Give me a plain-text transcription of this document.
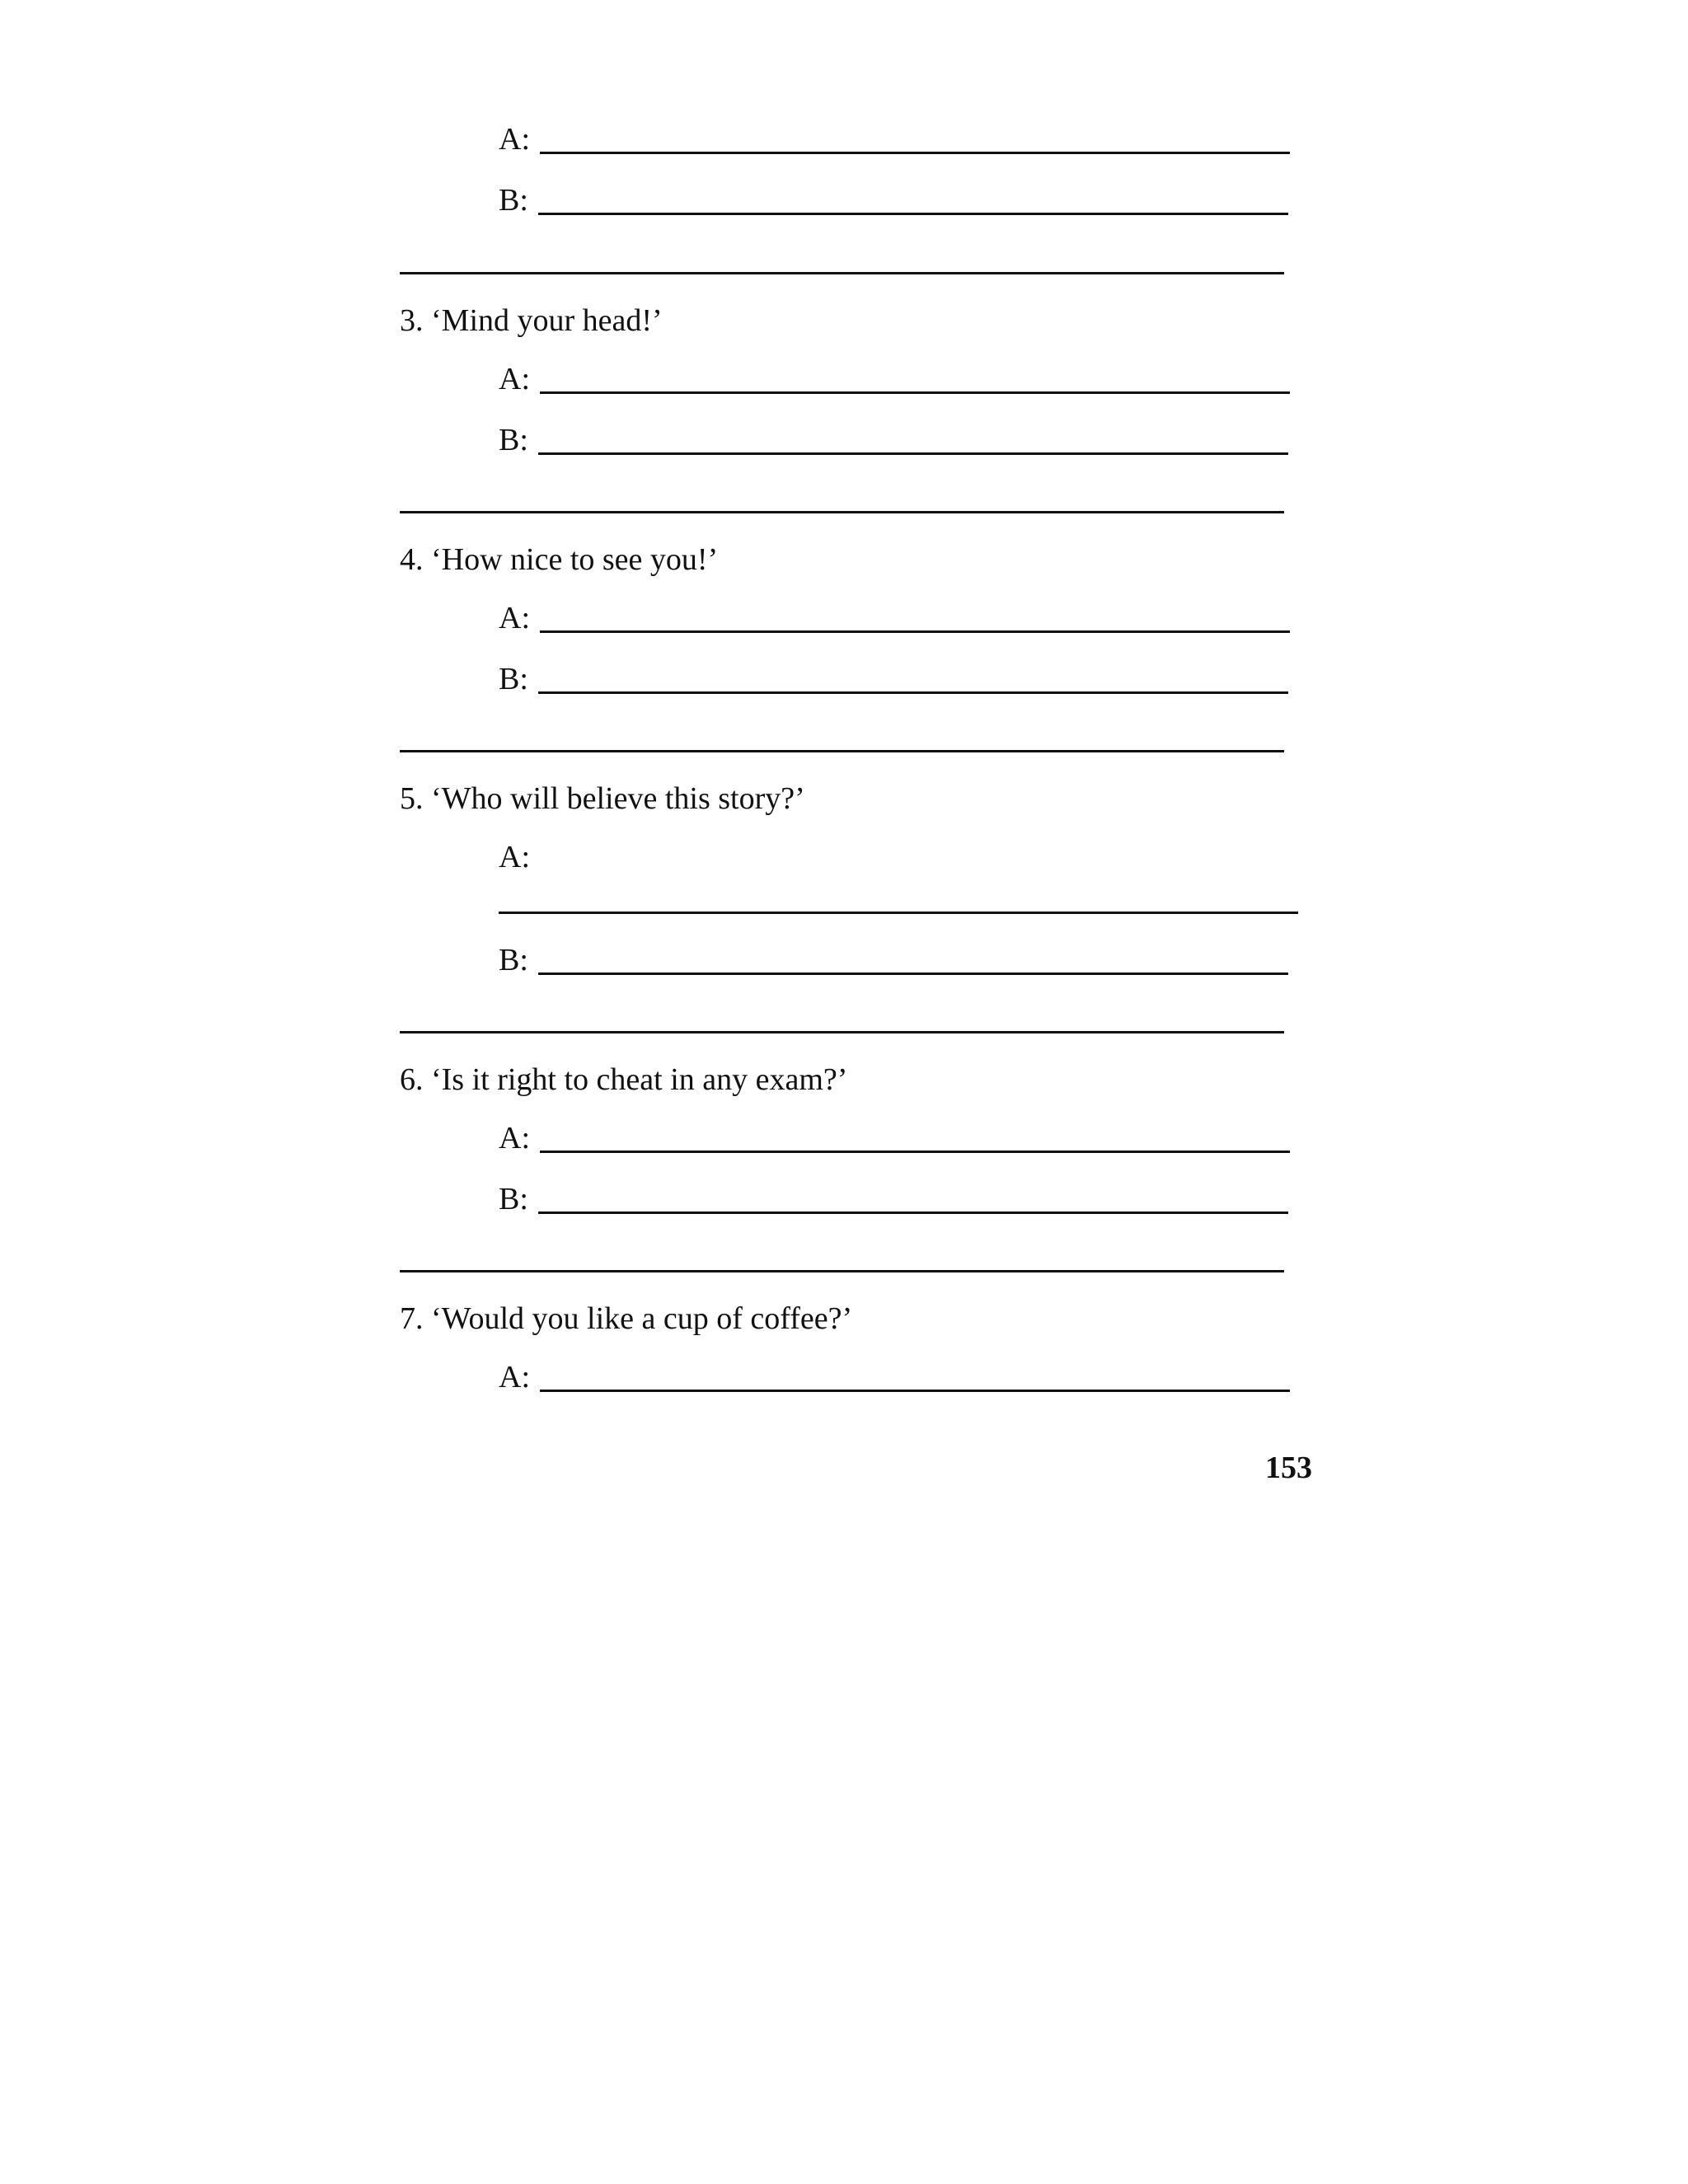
A:
B:
3. ‘Mind your head!’
A:
B:
4. ‘How nice to see you!’
A:
B:
5. ‘Who will believe this story?’
A:
B:
6. ‘Is it right to cheat in any exam?’
A:
B:
7. ‘Would you like a cup of coffee?’
A:
153
